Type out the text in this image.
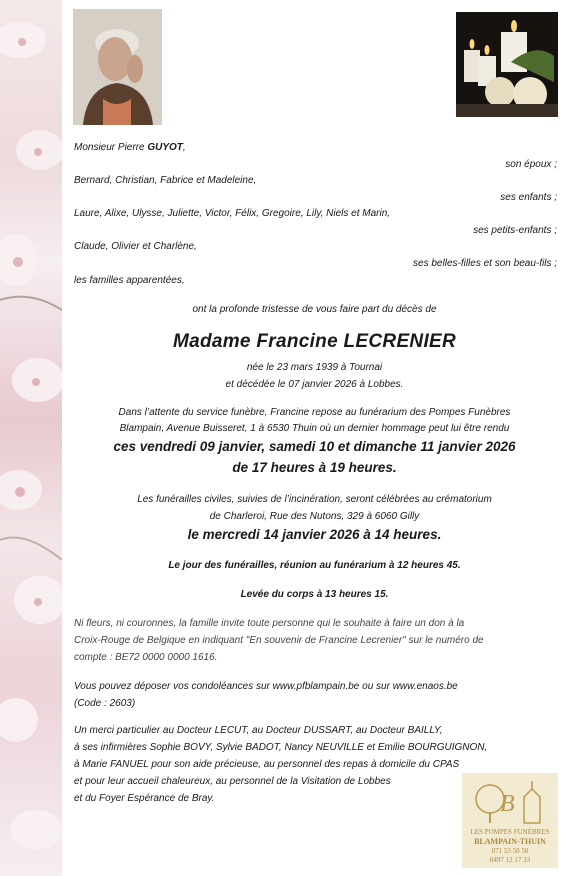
Monsieur Pierre GUYOT,
son époux ;
Bernard, Christian, Fabrice et Madeleine,
ses enfants ;
Laure, Alixe, Ulysse, Juliette, Victor, Félix, Gregoire, Lily, Niels et Marin,
ses petits-enfants ;
Claude, Olivier et Charlène,
ses belles-filles et son beau-fils ;
les familles apparentées,
ont la profonde tristesse de vous faire part du décès de
Madame Francine LECRENIER
née le 23 mars 1939 à Tournai
et décédée le 07 janvier 2026 à Lobbes.
Dans l’attente du service funèbre, Francine repose au funérarium des Pompes Funèbres
Blampain, Avenue Buisseret, 1 à 6530 Thuin où un dernier hommage peut lui être rendu
ces vendredi 09 janvier, samedi 10 et dimanche 11 janvier 2026
de 17 heures à 19 heures.
Les funérailles civiles, suivies de l’incinération, seront célébrées au crématorium
de Charleroi, Rue des Nutons, 329 à 6060 Gilly
le mercredi 14 janvier 2026 à 14 heures.
Le jour des funérailles, réunion au funérarium à 12 heures 45.
Levée du corps à 13 heures 15.
Ni fleurs, ni couronnes, la famille invite toute personne qui le souhaite à faire un don à la
Croix-Rouge de Belgique en indiquant "En souvenir de Francine Lecrenier" sur le numéro de
compte : BE72 0000 0000 1616.
Vous pouvez déposer vos condoléances sur www.pfblampain.be ou sur www.enaos.be
(Code : 2603)
Un merci particulier au Docteur LECUT, au Docteur DUSSART, au Docteur BAILLY,
à ses infirmières Sophie BOVY, Sylvie BADOT, Nancy NEUVILLE et Emilie BOURGUIGNON,
à Marie FANUEL pour son aide précieuse, au personnel des repas à domicile du CPAS
et pour leur accueil chaleureux, au personnel de la Visitation de Lobbes
et du Foyer Espérance de Bray.	B
LES POMPES FUNÈBRES
BLAMPAIN-THUIN
071 53 50 50
0497 12 17 33
